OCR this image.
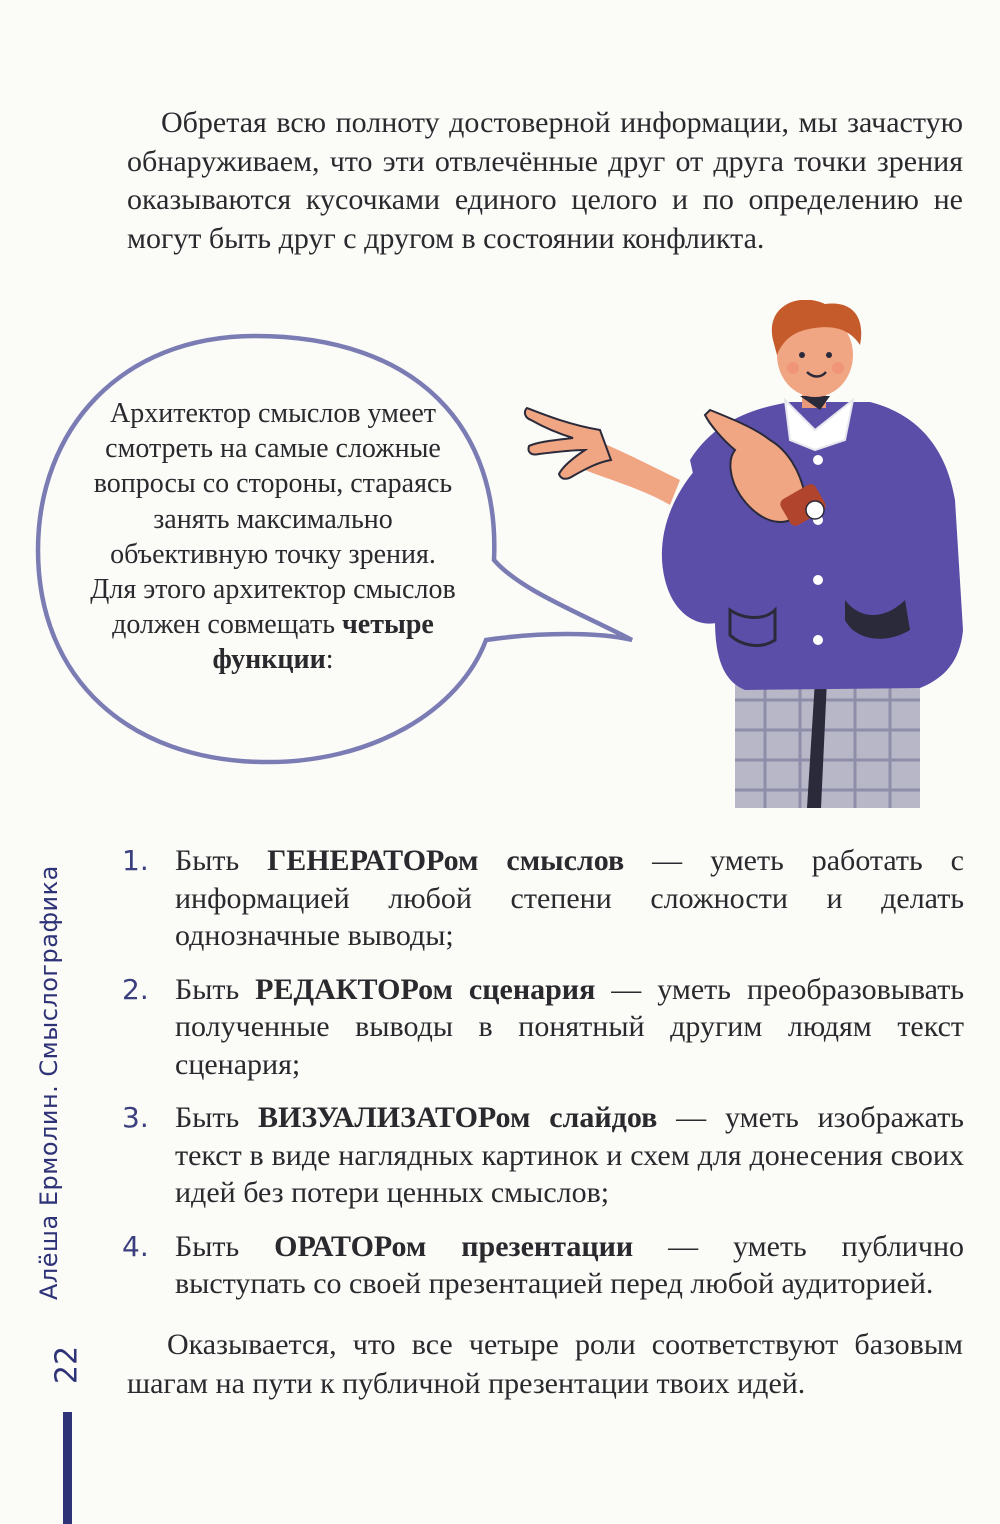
Обретая всю полноту достоверной информации, мы зачастую обнаруживаем, что эти отвлечённые друг от друга точки зрения оказываются кусочками единого целого и по определению не могут быть друг с другом в состоянии конфликта.

Архитектор смыслов умеет смотреть на самые сложные вопросы со стороны, стараясь занять максимально объективную точку зрения. Для этого архитектор смыслов должен совмещать четыре функции:

1. Быть ГЕНЕРАТОРом смыслов — уметь работать с информацией любой степени сложности и делать однозначные выводы;
2. Быть РЕДАКТОРом сценария — уметь преобразовывать полученные выводы в понятный другим людям текст сценария;
3. Быть ВИЗУАЛИЗАТОРом слайдов — уметь изображать текст в виде наглядных картинок и схем для донесения своих идей без потери ценных смыслов;
4. Быть ОРАТОРом презентации — уметь публично выступать со своей презентацией перед любой аудиторией.

Оказывается, что все четыре роли соответствуют базовым шагам на пути к публичной презентации твоих идей.

Алёша Ермолин. Смыслографика
22
